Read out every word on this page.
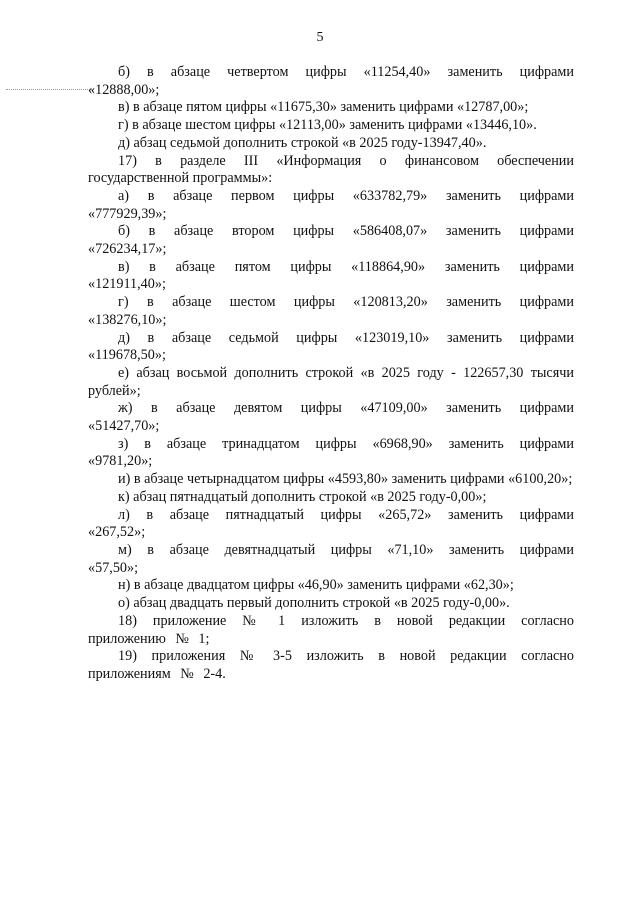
5

б) в абзаце четвертом цифры «11254,40» заменить цифрами «12888,00»;

в) в абзаце пятом цифры «11675,30» заменить цифрами «12787,00»;

г) в абзаце шестом цифры «12113,00» заменить цифрами «13446,10».

д) абзац седьмой дополнить строкой «в 2025 году-13947,40».

17) в разделе III «Информация о финансовом обеспечении государственной программы»:

а) в абзаце первом цифры «633782,79» заменить цифрами «777929,39»;

б) в абзаце втором цифры «586408,07» заменить цифрами «726234,17»;

в) в абзаце пятом цифры «118864,90» заменить цифрами «121911,40»;

г) в абзаце шестом цифры «120813,20» заменить цифрами «138276,10»;

д) в абзаце седьмой цифры «123019,10» заменить цифрами «119678,50»;

е) абзац восьмой дополнить строкой «в 2025 году - 122657,30 тысячи рублей»;

ж) в абзаце девятом цифры «47109,00» заменить цифрами «51427,70»;

з) в абзаце тринадцатом цифры «6968,90» заменить цифрами «9781,20»;

и) в абзаце четырнадцатом цифры «4593,80» заменить цифрами «6100,20»;

к) абзац пятнадцатый дополнить строкой «в 2025 году-0,00»;

л) в абзаце пятнадцатый цифры «265,72» заменить цифрами «267,52»;

м) в абзаце девятнадцатый цифры «71,10» заменить цифрами «57,50»;

н) в абзаце двадцатом цифры «46,90» заменить цифрами «62,30»;

о) абзац двадцать первый дополнить строкой «в 2025 году-0,00».

18) приложение № 1 изложить в новой редакции согласно приложению № 1;

19) приложения № 3-5 изложить в новой редакции согласно приложениям № 2-4.
